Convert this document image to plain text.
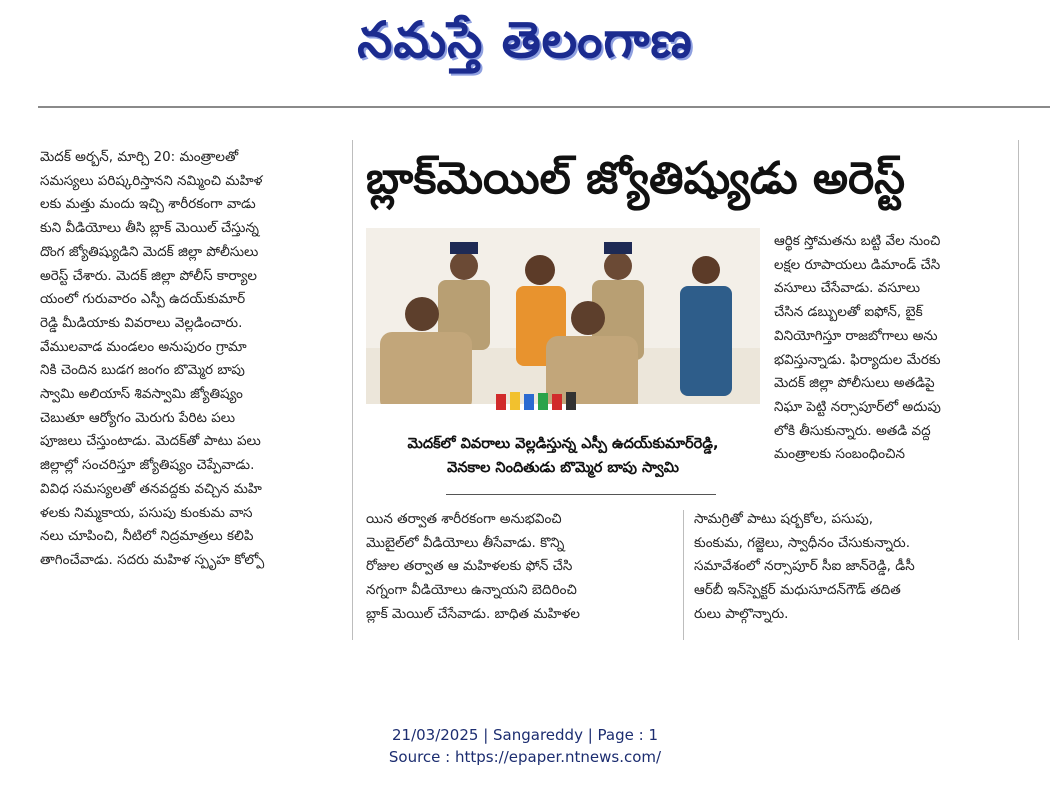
నమస్తే తెలంగాణ

మెదక్ అర్బన్, మార్చి 20: మంత్రాలతో

సమస్యలు పరిష్కరిస్తానని నమ్మించి మహిళ

లకు మత్తు మందు ఇచ్చి శారీరకంగా వాడు

కుని వీడియోలు తీసి బ్లాక్ మెయిల్ చేస్తున్న

దొంగ జ్యోతిష్యుడిని మెదక్ జిల్లా పోలీసులు

అరెస్ట్ చేశారు. మెదక్ జిల్లా పోలీస్ కార్యాల

యంలో గురువారం ఎస్పీ ఉదయ్‌కుమార్

రెడ్డి మీడియాకు వివరాలు వెల్లడించారు.

వేములవాడ మండలం అనుపురం గ్రామా

నికి చెందిన బుడగ జంగం బొమ్మెర బాపు

స్వామి అలియాస్ శివస్వామి జ్యోతిష్యం

చెబుతూ ఆర్యోగం మెరుగు పేరిట పలు

పూజలు చేస్తుంటాడు. మెదక్‌తో పాటు పలు

జిల్లాల్లో సంచరిస్తూ జ్యోతిష్యం చెప్పేవాడు.

వివిధ సమస్యలతో తనవద్దకు వచ్చిన మహి

ళలకు నిమ్మకాయ, పసుపు కుంకుమ వాస

నలు చూపించి, నీటిలో నిద్రమాత్రలు కలిపి

తాగించేవాడు. సదరు మహిళ స్పృహ కోల్పో

బ్లాక్‌మెయిల్ జ్యోతిష్యుడు అరెస్ట్
మెదక్‌లో వివరాలు వెల్లడిస్తున్న ఎస్పీ ఉదయ్‌కుమార్‌రెడ్డి,
వెనకాల నిందితుడు బొమ్మెర బాపు స్వామి

ఆర్థిక స్తోమతను బట్టి వేల నుంచి

లక్షల రూపాయలు డిమాండ్ చేసి

వసూలు చేసేవాడు. వసూలు

చేసిన డబ్బులతో ఐఫోన్, బైక్

వినియోగిస్తూ రాజబోగాలు అను

భవిస్తున్నాడు. ఫిర్యాదుల మేరకు

మెదక్ జిల్లా పోలీసులు అతడిపై

నిఘా పెట్టి నర్సాపూర్‌లో అదుపు

లోకి తీసుకున్నారు. అతడి వద్ద

మంత్రాలకు సంబంధించిన

యిన తర్వాత శారీరకంగా అనుభవించి

మొబైల్‌లో వీడియోలు తీసేవాడు. కొన్ని

రోజుల తర్వాత ఆ మహిళలకు ఫోన్ చేసి

నగ్నంగా వీడియోలు ఉన్నాయని బెదిరించి

బ్లాక్ మెయిల్ చేసేవాడు. బాధిత మహిళల

సామగ్రితో పాటు షర్బకోల, పసుపు,

కుంకుమ, గజ్జెలు, స్వాధీనం చేసుకున్నారు.

సమావేశంలో నర్సాపూర్ సీఐ జాన్‌రెడ్డి, డీసీ

ఆర్‌బీ ఇన్‌స్పెక్టర్ మధుసూదన్‌గౌడ్ తదిత

రులు పాల్గొన్నారు.

21/03/2025 | Sangareddy | Page : 1
Source : https://epaper.ntnews.com/
